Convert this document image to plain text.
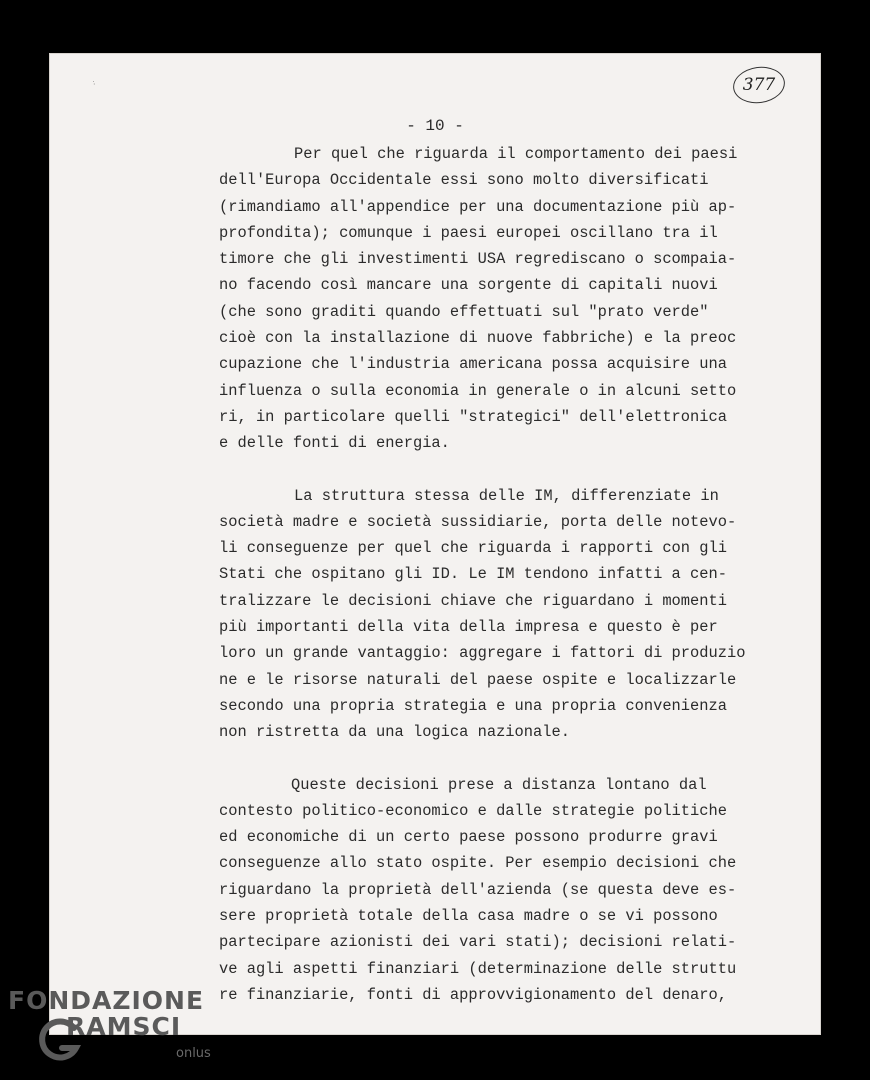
377
- 10 -

Per quel che riguarda il comportamento dei paesi
dell'Europa Occidentale essi sono molto diversificati
(rimandiamo all'appendice per una documentazione più ap-
profondita); comunque i paesi europei oscillano tra il
timore che gli investimenti USA regrediscano o scompaia-
no facendo così mancare una sorgente di capitali nuovi
(che sono graditi quando effettuati sul "prato verde"
cioè con la installazione di nuove fabbriche) e la preoc
cupazione che l'industria americana possa acquisire una
influenza o sulla economia in generale o in alcuni setto
ri, in particolare quelli "strategici" dell'elettronica
e delle fonti di energia.

La struttura stessa delle IM, differenziate in
società madre e società sussidiarie, porta delle notevo-
li conseguenze per quel che riguarda i rapporti con gli
Stati che ospitano gli ID. Le IM tendono infatti a cen-
tralizzare le decisioni chiave che riguardano i momenti
più importanti della vita della impresa e questo è per
loro un grande vantaggio: aggregare i fattori di produzio
ne e le risorse naturali del paese ospite e localizzarle
secondo una propria strategia e una propria convenienza
non ristretta da una logica nazionale.

Queste decisioni prese a distanza lontano dal
contesto politico-economico e dalle strategie politiche
ed economiche di un certo paese possono produrre gravi
conseguenze allo stato ospite. Per esempio decisioni che
riguardano la proprietà dell'azienda (se questa deve es-
sere proprietà totale della casa madre o se vi possono
partecipare azionisti dei vari stati); decisioni relati-
ve agli aspetti finanziari (determinazione delle struttu
re finanziarie, fonti di approvvigionamento del denaro,

FONDAZIONE
RAMSCI
onlus
